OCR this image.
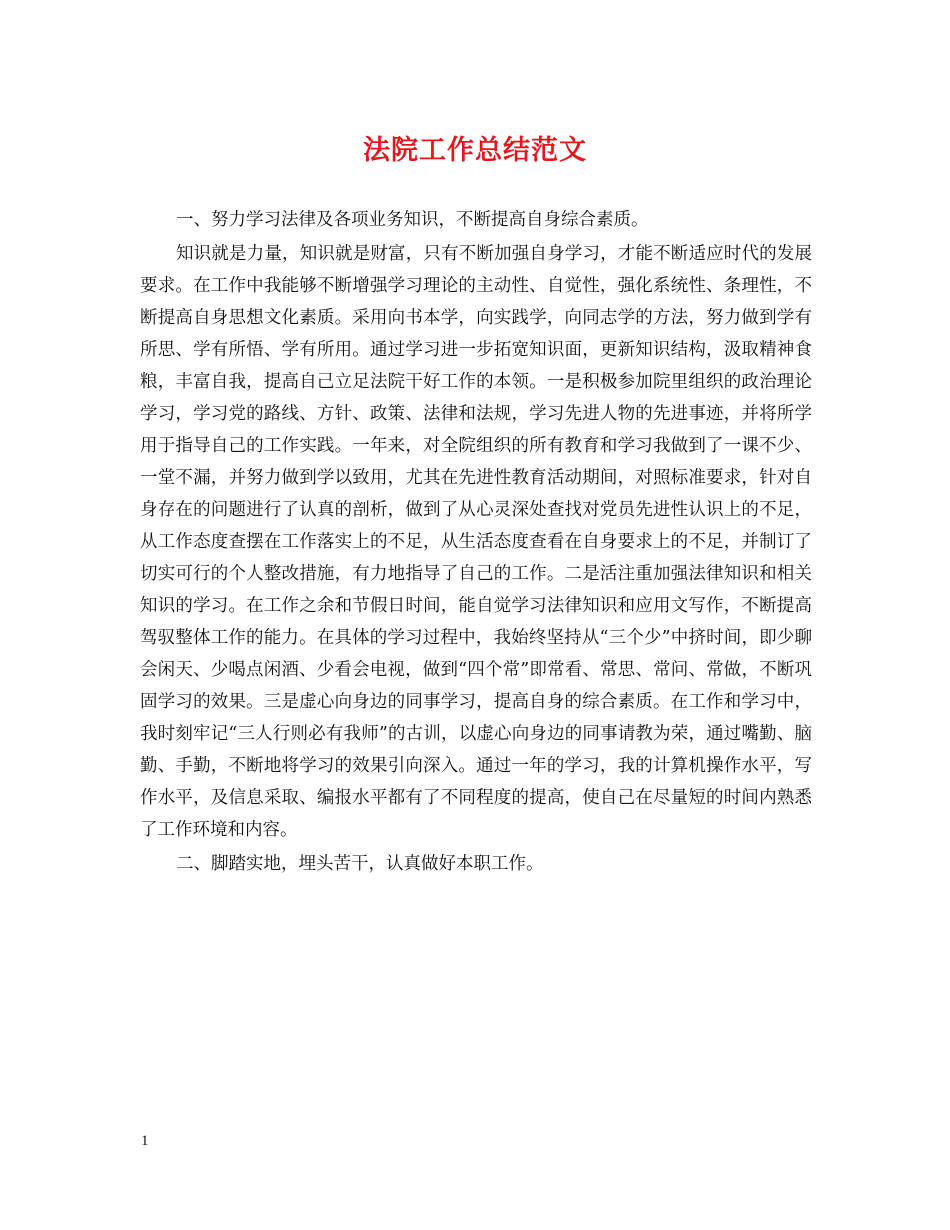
法院工作总结范文

一、努力学习法律及各项业务知识，不断提高自身综合素质。

知识就是力量，知识就是财富，只有不断加强自身学习，才能不断适应时代的发展要求。在工作中我能够不断增强学习理论的主动性、自觉性，强化系统性、条理性，不断提高自身思想文化素质。采用向书本学，向实践学，向同志学的方法，努力做到学有所思、学有所悟、学有所用。通过学习进一步拓宽知识面，更新知识结构，汲取精神食粮，丰富自我，提高自己立足法院干好工作的本领。一是积极参加院里组织的政治理论学习，学习党的路线、方针、政策、法律和法规，学习先进人物的先进事迹，并将所学用于指导自己的工作实践。一年来，对全院组织的所有教育和学习我做到了一课不少、一堂不漏，并努力做到学以致用，尤其在先进性教育活动期间，对照标准要求，针对自身存在的问题进行了认真的剖析，做到了从心灵深处查找对党员先进性认识上的不足，从工作态度查摆在工作落实上的不足，从生活态度查看在自身要求上的不足，并制订了切实可行的个人整改措施，有力地指导了自己的工作。二是活注重加强法律知识和相关知识的学习。在工作之余和节假日时间，能自觉学习法律知识和应用文写作，不断提高驾驭整体工作的能力。在具体的学习过程中，我始终坚持从“三个少”中挤时间，即少聊会闲天、少喝点闲酒、少看会电视，做到“四个常”即常看、常思、常问、常做，不断巩固学习的效果。三是虚心向身边的同事学习，提高自身的综合素质。在工作和学习中，我时刻牢记“三人行则必有我师”的古训，以虚心向身边的同事请教为荣，通过嘴勤、脑勤、手勤，不断地将学习的效果引向深入。通过一年的学习，我的计算机操作水平，写作水平，及信息采取、编报水平都有了不同程度的提高，使自己在尽量短的时间内熟悉了工作环境和内容。

二、脚踏实地，埋头苦干，认真做好本职工作。

1
